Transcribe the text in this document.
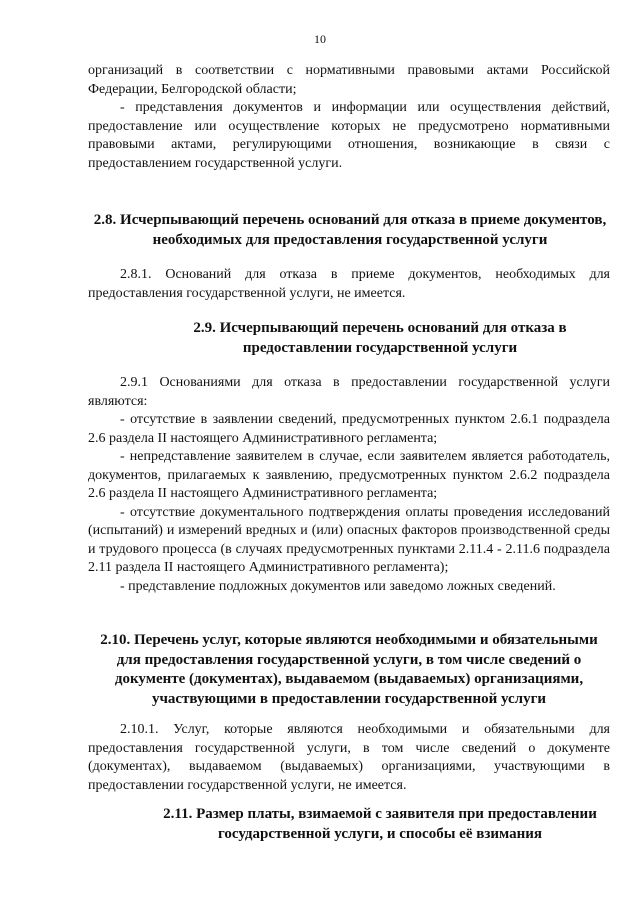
10

организаций в соответствии с нормативными правовыми актами Российской

Федерации, Белгородской области;

- представления документов и информации или осуществления действий, предоставление или осуществление которых не предусмотрено нормативными правовыми актами, регулирующими отношения, возникающие в связи с предоставлением государственной услуги.

2.8. Исчерпывающий перечень оснований для отказа в приеме документов,

необходимых для предоставления государственной услуги

2.8.1. Оснований для отказа в приеме документов, необходимых для предоставления государственной услуги, не имеется.

2.9. Исчерпывающий перечень оснований для отказа в

предоставлении государственной услуги

2.9.1 Основаниями для отказа в предоставлении государственной услуги являются:

- отсутствие в заявлении сведений, предусмотренных пунктом 2.6.1 подраздела 2.6 раздела II настоящего Административного регламента;

- непредставление заявителем в случае, если заявителем является работодатель, документов, прилагаемых к заявлению, предусмотренных пунктом 2.6.2 подраздела 2.6 раздела II настоящего Административного регламента;

- отсутствие документального подтверждения оплаты проведения исследований (испытаний) и измерений вредных и (или) опасных факторов производственной среды и трудового процесса (в случаях предусмотренных пунктами 2.11.4 - 2.11.6 подраздела 2.11 раздела II настоящего Административного регламента);

- представление подложных документов или заведомо ложных сведений.

2.10. Перечень услуг, которые являются необходимыми и обязательными

для предоставления государственной услуги, в том числе сведений о

документе (документах), выдаваемом (выдаваемых) организациями,

участвующими в предоставлении государственной услуги

2.10.1. Услуг, которые являются необходимыми и обязательными для предоставления государственной услуги, в том числе сведений о документе (документах), выдаваемом (выдаваемых) организациями, участвующими в предоставлении государственной услуги, не имеется.

2.11. Размер платы, взимаемой с заявителя при предоставлении

государственной услуги, и способы её взимания
